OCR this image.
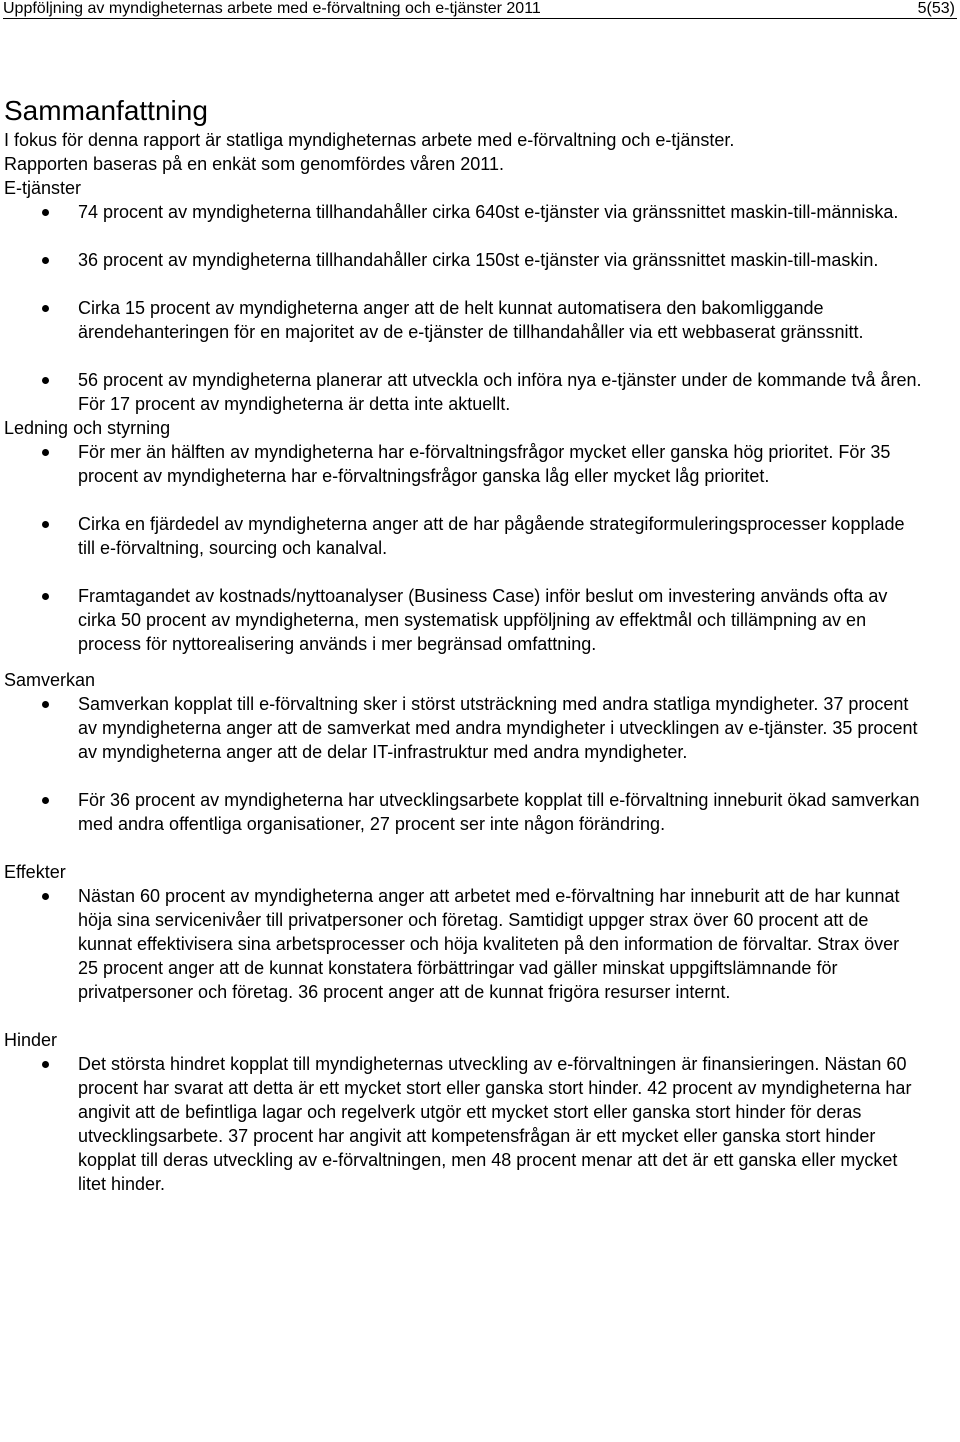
Uppföljning av myndigheternas arbete med e-förvaltning och e-tjänster 2011	5(53)
Sammanfattning

I fokus för denna rapport är statliga myndigheternas arbete med e-förvaltning och e-tjänster.

Rapporten baseras på en enkät som genomfördes våren 2011.

E-tjänster
74 procent av myndigheterna tillhandahåller cirka 640st e-tjänster via gränssnittet maskin-till-människa.
36 procent av myndigheterna tillhandahåller cirka 150st e-tjänster via gränssnittet maskin-till-maskin.
Cirka 15 procent av myndigheterna anger att de helt kunnat automatisera den bakomliggande ärendehanteringen för en majoritet av de e-tjänster de tillhandahåller via ett webbaserat gränssnitt.
56 procent av myndigheterna planerar att utveckla och införa nya e-tjänster under de kommande två åren. För 17 procent av myndigheterna är detta inte aktuellt.
Ledning och styrning
För mer än hälften av myndigheterna har e-förvaltningsfrågor mycket eller ganska hög prioritet. För 35 procent av myndigheterna har e-förvaltningsfrågor ganska låg eller mycket låg prioritet.
Cirka en fjärdedel av myndigheterna anger att de har pågående strategiformuleringsprocesser kopplade till e-förvaltning, sourcing och kanalval.
Framtagandet av kostnads/nyttoanalyser (Business Case) inför beslut om investering används ofta av cirka 50 procent av myndigheterna, men systematisk uppföljning av effektmål och tillämpning av en process för nyttorealisering används i mer begränsad omfattning.
Samverkan
Samverkan kopplat till e-förvaltning sker i störst utsträckning med andra statliga myndigheter. 37 procent av myndigheterna anger att de samverkat med andra myndigheter i utvecklingen av e-tjänster. 35 procent av myndigheterna anger att de delar IT-infrastruktur med andra myndigheter.
För 36 procent av myndigheterna har utvecklingsarbete kopplat till e-förvaltning inneburit ökad samverkan med andra offentliga organisationer, 27 procent ser inte någon förändring.
Effekter
Nästan 60 procent av myndigheterna anger att arbetet med e-förvaltning har inneburit att de har kunnat höja sina servicenivåer till privatpersoner och företag. Samtidigt uppger strax över 60 procent att de kunnat effektivisera sina arbetsprocesser och höja kvaliteten på den information de förvaltar. Strax över 25 procent anger att de kunnat konstatera förbättringar vad gäller minskat uppgiftslämnande för privatpersoner och företag. 36 procent anger att de kunnat frigöra resurser internt.
Hinder
Det största hindret kopplat till myndigheternas utveckling av e-förvaltningen är finansieringen. Nästan 60 procent har svarat att detta är ett mycket stort eller ganska stort hinder. 42 procent av myndigheterna har angivit att de befintliga lagar och regelverk utgör ett mycket stort eller ganska stort hinder för deras utvecklingsarbete. 37 procent har angivit att kompetensfrågan är ett mycket eller ganska stort hinder kopplat till deras utveckling av e-förvaltningen, men 48 procent menar att det är ett ganska eller mycket litet hinder.
